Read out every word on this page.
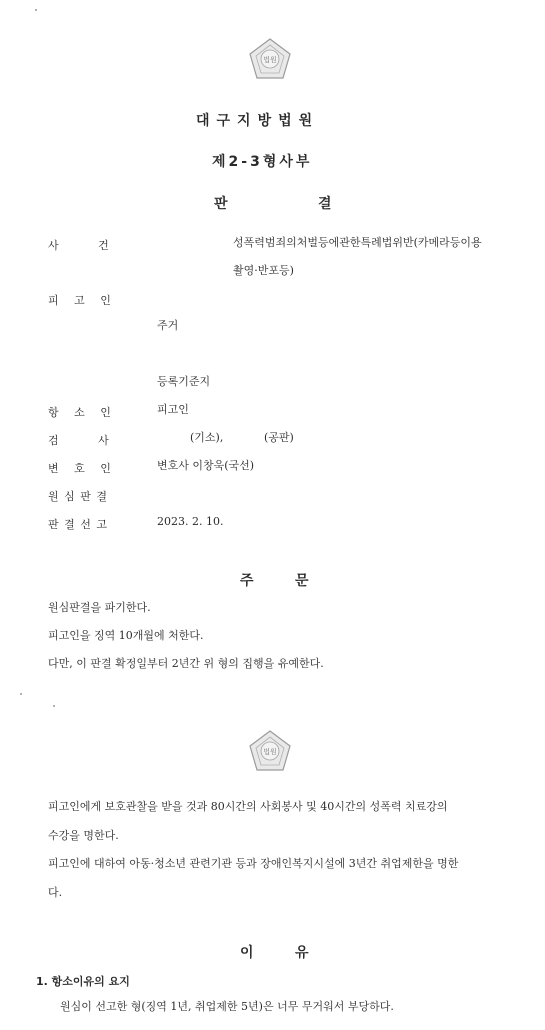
법원
대구지방법원
제2-3형사부
판	결
사 건	성폭력범죄의처벌등에관한특례법위반(카메라등이용
촬영·반포등)
피 고 인
주거
등록기준지
항 소 인	피고인
검 사	(기소),	(공판)
변 호 인	변호사 이창욱(국선)
원 심 판 결
판 결 선 고	2023. 2. 10.
주	문
원심판결을 파기한다.
피고인을 징역 10개월에 처한다.
다만, 이 판결 확정일부터 2년간 위 형의 집행을 유예한다.
법원
피고인에게 보호관찰을 받을 것과 80시간의 사회봉사 및 40시간의 성폭력 치료강의
수강을 명한다.
피고인에 대하여 아동·청소년 관련기관 등과 장애인복지시설에 3년간 취업제한을 명한
다.
이	유
1. 항소이유의 요지
원심이 선고한 형(징역 1년, 취업제한 5년)은 너무 무거워서 부당하다.
